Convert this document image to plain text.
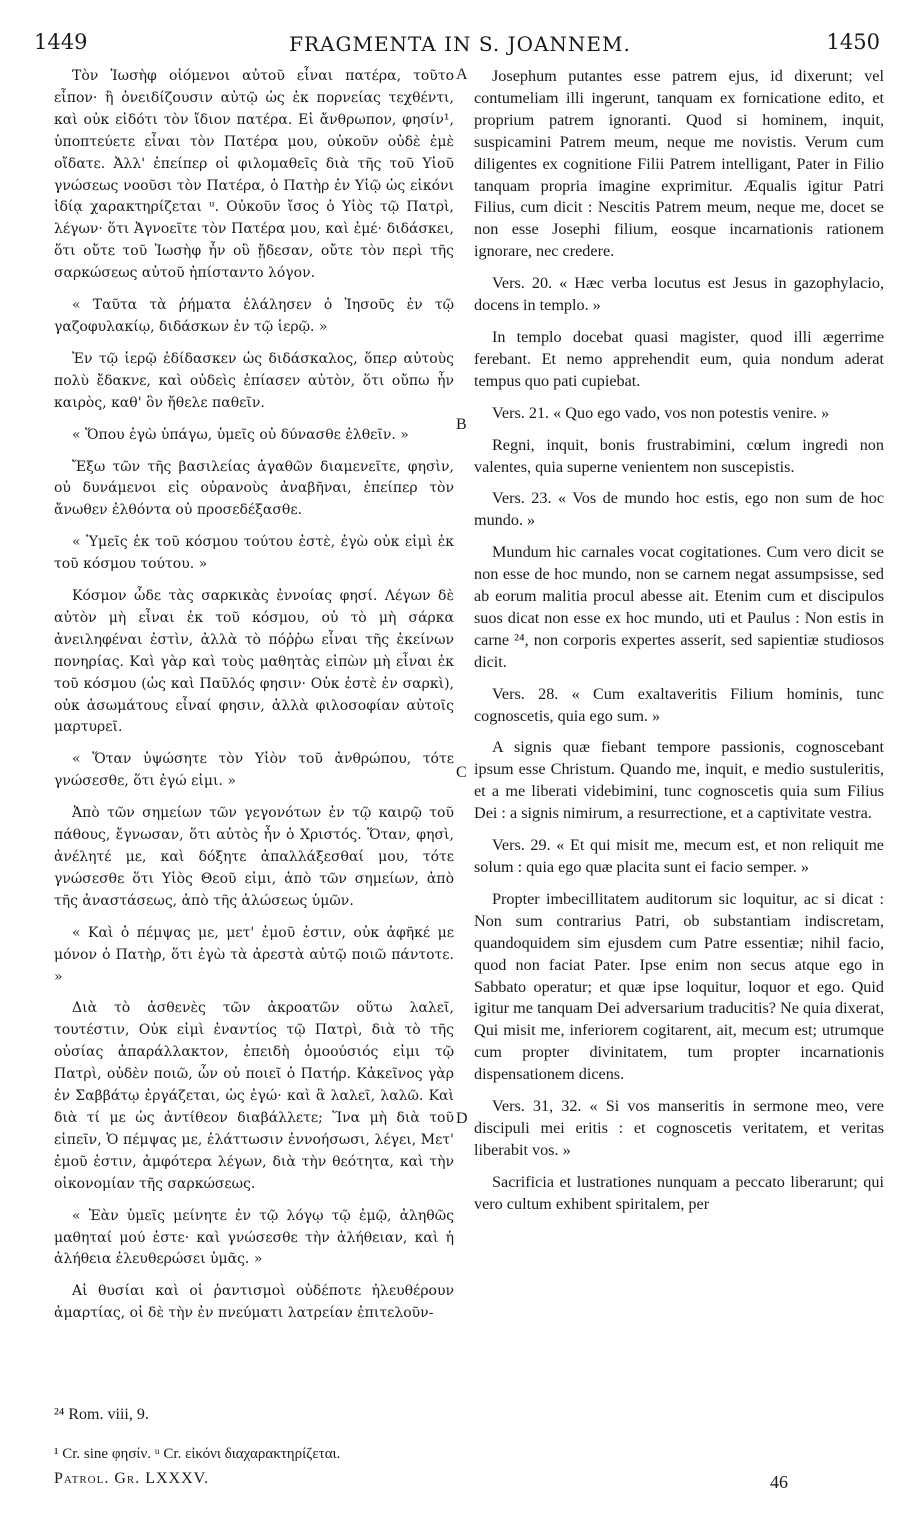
1449	FRAGMENTA IN S. JOANNEM.	1450
A
B
C
D

Τὸν Ἰωσὴφ οἰόμενοι αὐτοῦ εἶναι πατέρα, τοῦτο εἶπον· ἢ ὀνειδίζουσιν αὐτῷ ὡς ἐκ πορνείας τεχθέντι, καὶ οὐκ εἰδότι τὸν ἴδιον πατέρα. Εἰ ἄνθρωπον, φησίν¹, ὑποπτεύετε εἶναι τὸν Πατέρα μου, οὐκοῦν οὐδὲ ἐμὲ οἴδατε. Ἀλλ' ἐπείπερ οἱ φιλομαθεῖς διὰ τῆς τοῦ Υἱοῦ γνώσεως νοοῦσι τὸν Πατέρα, ὁ Πατὴρ ἐν Υἱῷ ὡς εἰκόνι ἰδίᾳ χαρακτηρίζεται ᵘ. Οὐκοῦν ἴσος ὁ Υἱὸς τῷ Πατρὶ, λέγων· ὅτι Ἀγνοεῖτε τὸν Πατέρα μου, καὶ ἐμέ· διδάσκει, ὅτι οὔτε τοῦ Ἰωσὴφ ἦν οὓ ᾔδεσαν, οὔτε τὸν περὶ τῆς σαρκώσεως αὐτοῦ ἠπίσταντο λόγον.

« Ταῦτα τὰ ῥήματα ἐλάλησεν ὁ Ἰησοῦς ἐν τῷ γαζοφυλακίῳ, διδάσκων ἐν τῷ ἱερῷ. »

Ἐν τῷ ἱερῷ ἐδίδασκεν ὡς διδάσκαλος, ὅπερ αὐτοὺς πολὺ ἔδακνε, καὶ οὐδεὶς ἐπίασεν αὐτὸν, ὅτι οὔπω ἦν καιρὸς, καθ' ὃν ἤθελε παθεῖν.

« Ὅπου ἐγὼ ὑπάγω, ὑμεῖς οὐ δύνασθε ἐλθεῖν. »

Ἔξω τῶν τῆς βασιλείας ἀγαθῶν διαμενεῖτε, φησὶν, οὐ δυνάμενοι εἰς οὐρανοὺς ἀναβῆναι, ἐπείπερ τὸν ἄνωθεν ἐλθόντα οὐ προσεδέξασθε.

« Ὑμεῖς ἐκ τοῦ κόσμου τούτου ἐστὲ, ἐγὼ οὐκ εἰμὶ ἐκ τοῦ κόσμου τούτου. »

Κόσμον ὧδε τὰς σαρκικὰς ἐννοίας φησί. Λέγων δὲ αὐτὸν μὴ εἶναι ἐκ τοῦ κόσμου, οὐ τὸ μὴ σάρκα ἀνειληφέναι ἐστὶν, ἀλλὰ τὸ πόῤῥω εἶναι τῆς ἐκείνων πονηρίας. Καὶ γὰρ καὶ τοὺς μαθητὰς εἰπὼν μὴ εἶναι ἐκ τοῦ κόσμου (ὡς καὶ Παῦλός φησιν· Οὐκ ἐστὲ ἐν σαρκὶ), οὐκ ἀσωμάτους εἶναί φησιν, ἀλλὰ φιλοσοφίαν αὐτοῖς μαρτυρεῖ.

« Ὅταν ὑψώσητε τὸν Υἱὸν τοῦ ἀνθρώπου, τότε γνώσεσθε, ὅτι ἐγώ εἰμι. »

Ἀπὸ τῶν σημείων τῶν γεγονότων ἐν τῷ καιρῷ τοῦ πάθους, ἔγνωσαν, ὅτι αὐτὸς ἦν ὁ Χριστός. Ὅταν, φησὶ, ἀνέλητέ με, καὶ δόξητε ἀπαλλάξεσθαί μου, τότε γνώσεσθε ὅτι Υἱὸς Θεοῦ εἰμι, ἀπὸ τῶν σημείων, ἀπὸ τῆς ἀναστάσεως, ἀπὸ τῆς ἁλώσεως ὑμῶν.

« Καὶ ὁ πέμψας με, μετ' ἐμοῦ ἐστιν, οὐκ ἀφῆκέ με μόνον ὁ Πατὴρ, ὅτι ἐγὼ τὰ ἀρεστὰ αὐτῷ ποιῶ πάντοτε. »

Διὰ τὸ ἀσθενὲς τῶν ἀκροατῶν οὕτω λαλεῖ, τουτέστιν, Οὐκ εἰμὶ ἐναντίος τῷ Πατρὶ, διὰ τὸ τῆς οὐσίας ἀπαράλλακτον, ἐπειδὴ ὁμοούσιός εἰμι τῷ Πατρὶ, οὐδὲν ποιῶ, ὧν οὐ ποιεῖ ὁ Πατήρ. Κἀκεῖνος γὰρ ἐν Σαββάτῳ ἐργάζεται, ὡς ἐγώ· καὶ ἃ λαλεῖ, λαλῶ. Καὶ διὰ τί με ὡς ἀντίθεον διαβάλλετε; Ἵνα μὴ διὰ τοῦ εἰπεῖν, Ὁ πέμψας με, ἐλάττωσιν ἐννοήσωσι, λέγει, Μετ' ἐμοῦ ἐστιν, ἀμφότερα λέγων, διὰ τὴν θεότητα, καὶ τὴν οἰκονομίαν τῆς σαρκώσεως.

« Ἐὰν ὑμεῖς μείνητε ἐν τῷ λόγῳ τῷ ἐμῷ, ἀληθῶς μαθηταί μού ἐστε· καὶ γνώσεσθε τὴν ἀλήθειαν, καὶ ἡ ἀλήθεια ἐλευθερώσει ὑμᾶς. »

Αἱ θυσίαι καὶ οἱ ῥαντισμοὶ οὐδέποτε ἠλευθέρουν ἁμαρτίας, οἱ δὲ τὴν ἐν πνεύματι λατρείαν ἐπιτελοῦν-

Josephum putantes esse patrem ejus, id dixerunt; vel contumeliam illi ingerunt, tanquam ex fornicatione edito, et proprium patrem ignoranti. Quod si hominem, inquit, suspicamini Patrem meum, neque me novistis. Verum cum diligentes ex cognitione Filii Patrem intelligant, Pater in Filio tanquam propria imagine exprimitur. Æqualis igitur Patri Filius, cum dicit : Nescitis Patrem meum, neque me, docet se non esse Josephi filium, eosque incarnationis rationem ignorare, nec credere.

Vers. 20. « Hæc verba locutus est Jesus in gazophylacio, docens in templo. »

In templo docebat quasi magister, quod illi ægerrime ferebant. Et nemo apprehendit eum, quia nondum aderat tempus quo pati cupiebat.

Vers. 21. « Quo ego vado, vos non potestis venire. »

Regni, inquit, bonis frustrabimini, cœlum ingredi non valentes, quia superne venientem non suscepistis.

Vers. 23. « Vos de mundo hoc estis, ego non sum de hoc mundo. »

Mundum hic carnales vocat cogitationes. Cum vero dicit se non esse de hoc mundo, non se carnem negat assumpsisse, sed ab eorum malitia procul abesse ait. Etenim cum et discipulos suos dicat non esse ex hoc mundo, uti et Paulus : Non estis in carne ²⁴, non corporis expertes asserit, sed sapientiæ studiosos dicit.

Vers. 28. « Cum exaltaveritis Filium hominis, tunc cognoscetis, quia ego sum. »

A signis quæ fiebant tempore passionis, cognoscebant ipsum esse Christum. Quando me, inquit, e medio sustuleritis, et a me liberati videbimini, tunc cognoscetis quia sum Filius Dei : a signis nimirum, a resurrectione, et a captivitate vestra.

Vers. 29. « Et qui misit me, mecum est, et non reliquit me solum : quia ego quæ placita sunt ei facio semper. »

Propter imbecillitatem auditorum sic loquitur, ac si dicat : Non sum contrarius Patri, ob substantiam indiscretam, quandoquidem sim ejusdem cum Patre essentiæ; nihil facio, quod non faciat Pater. Ipse enim non secus atque ego in Sabbato operatur; et quæ ipse loquitur, loquor et ego. Quid igitur me tanquam Dei adversarium traducitis? Ne quia dixerat, Qui misit me, inferiorem cogitarent, ait, mecum est; utrumque cum propter divinitatem, tum propter incarnationis dispensationem dicens.

Vers. 31, 32. « Si vos manseritis in sermone meo, vere discipuli mei eritis : et cognoscetis veritatem, et veritas liberabit vos. »

Sacrificia et lustrationes nunquam a peccato liberarunt; qui vero cultum exhibent spiritalem, per

²⁴ Rom. viii, 9.
¹ Cr. sine φησίν. ᵘ Cr. εἰκόνι διαχαρακτηρίζεται.
Patrol. Gr. LXXXV.	46
